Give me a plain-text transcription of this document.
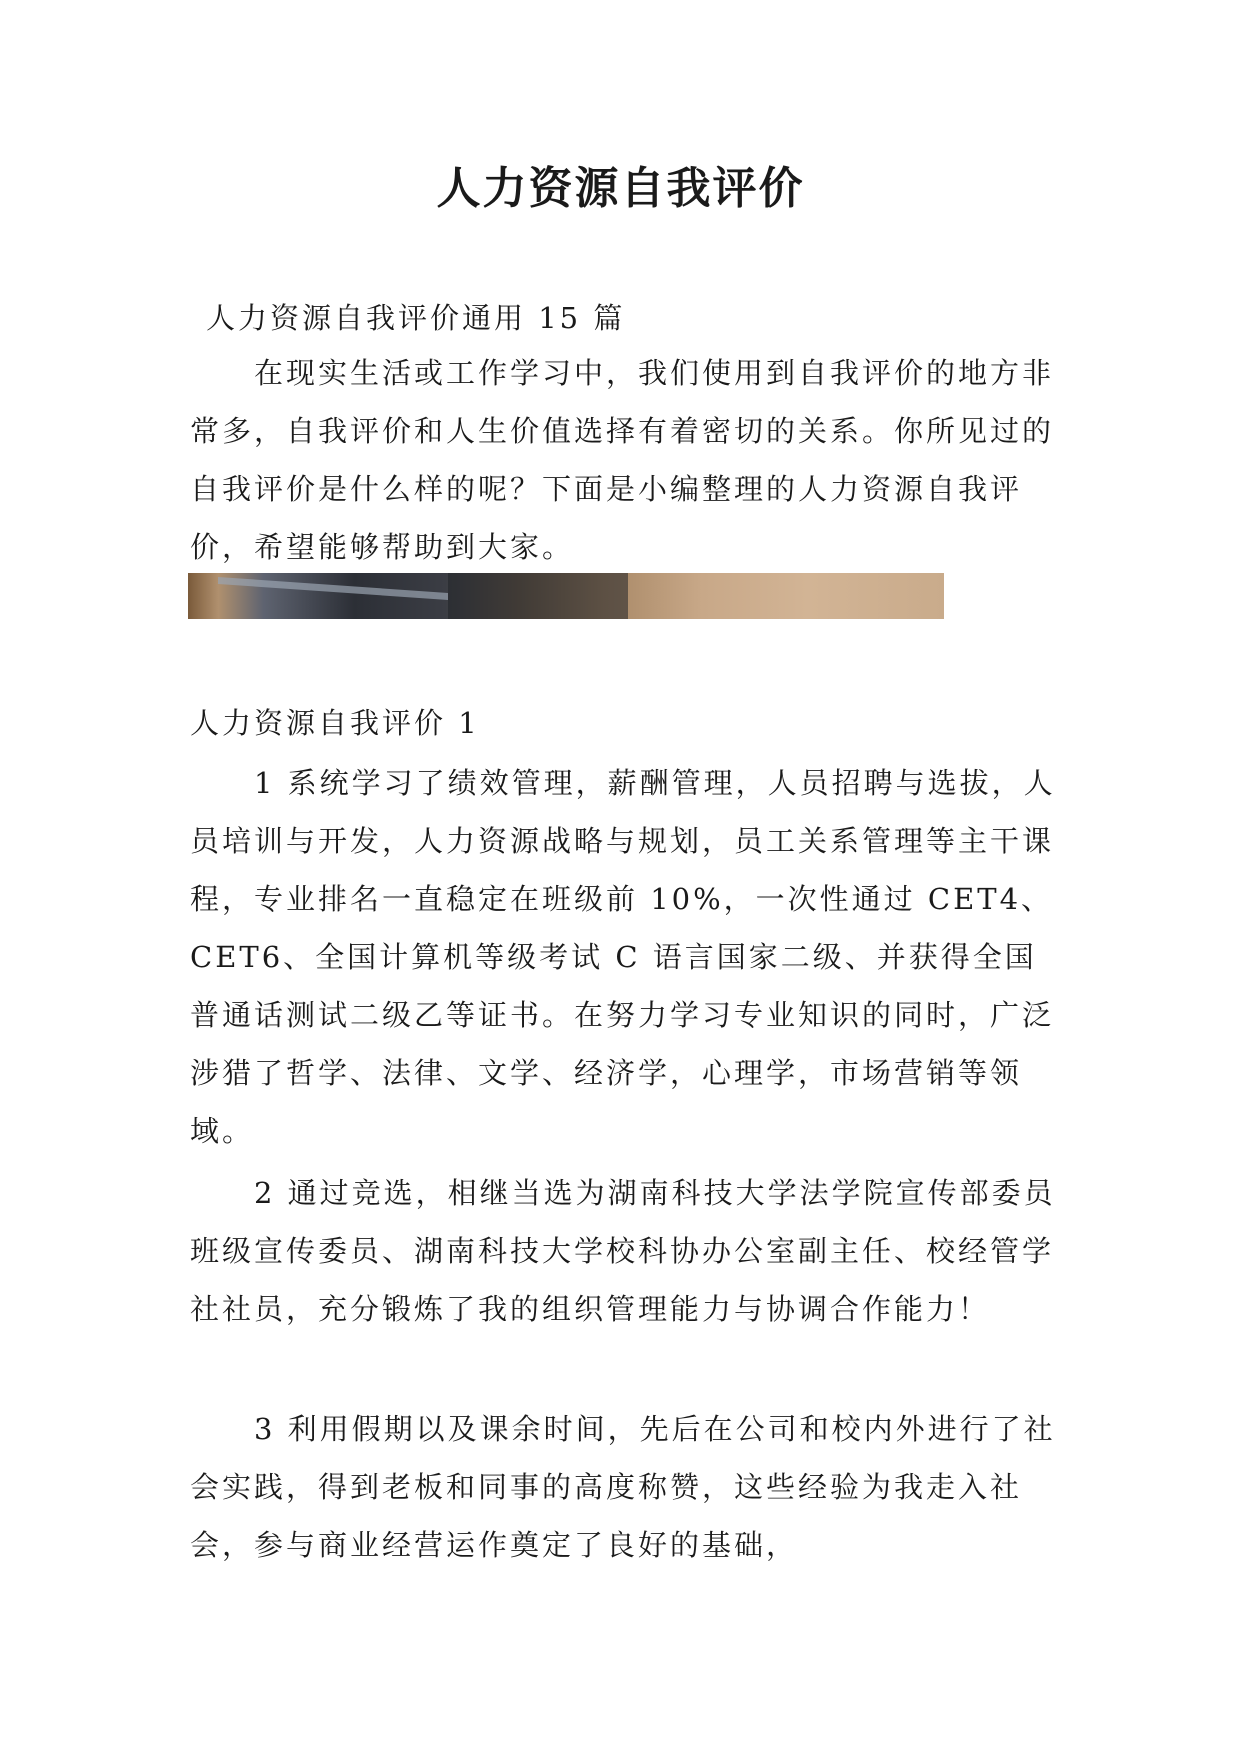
人力资源自我评价

人力资源自我评价通用 15 篇

在现实生活或工作学习中，我们使用到自我评价的地方非常多，自我评价和人生价值选择有着密切的关系。你所见过的自我评价是什么样的呢？下面是小编整理的人力资源自我评价，希望能够帮助到大家。

人力资源自我评价 1

1 系统学习了绩效管理，薪酬管理，人员招聘与选拔，人员培训与开发，人力资源战略与规划，员工关系管理等主干课程，专业排名一直稳定在班级前 10%，一次性通过 CET4、CET6、全国计算机等级考试 C 语言国家二级、并获得全国普通话测试二级乙等证书。在努力学习专业知识的同时，广泛涉猎了哲学、法律、文学、经济学，心理学，市场营销等领域。

2 通过竞选，相继当选为湖南科技大学法学院宣传部委员 班级宣传委员、湖南科技大学校科协办公室副主任、校经管学社社员，充分锻炼了我的组织管理能力与协调合作能力！

3 利用假期以及课余时间，先后在公司和校内外进行了社会实践，得到老板和同事的高度称赞，这些经验为我走入社会，参与商业经营运作奠定了良好的基础，
